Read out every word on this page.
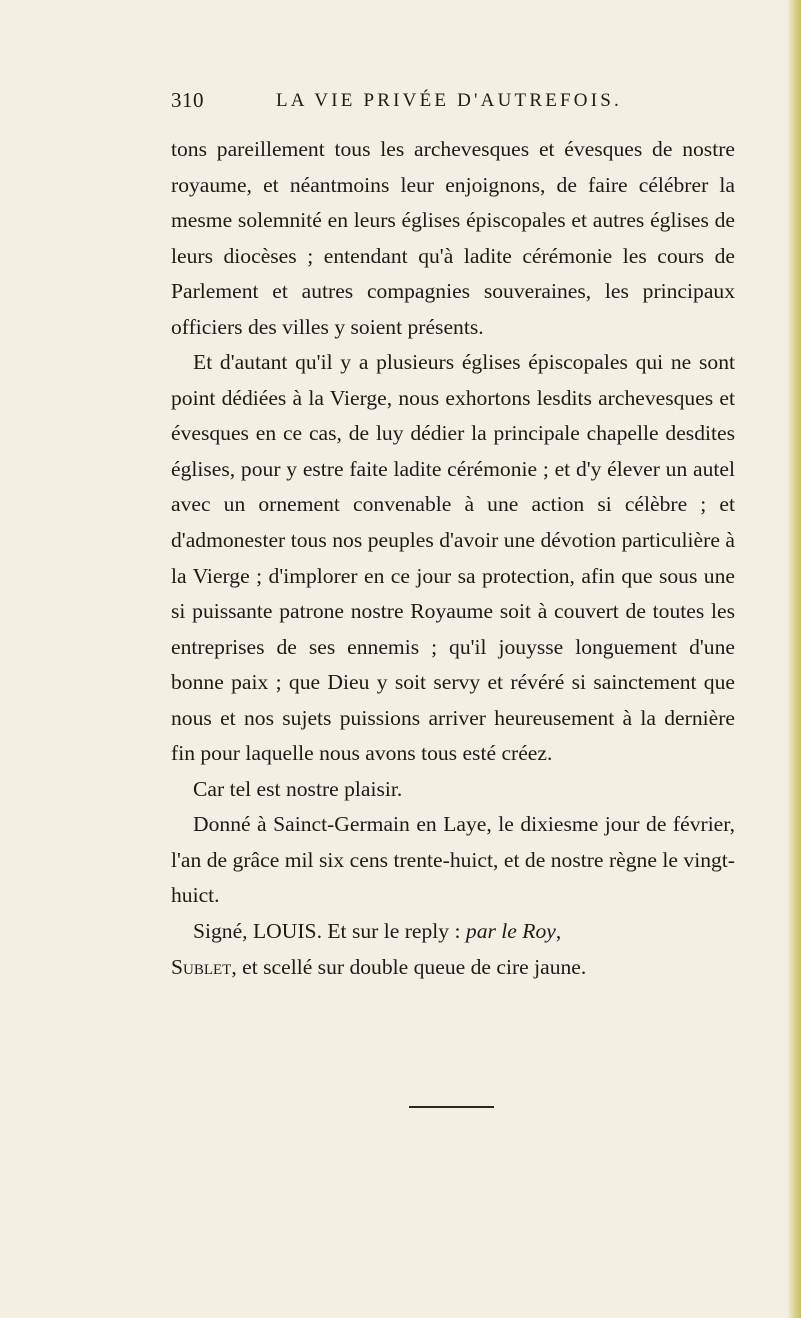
310	LA VIE PRIVÉE D'AUTREFOIS.

tons pareillement tous les archevesques et évesques de nostre royaume, et néantmoins leur enjoignons, de faire célébrer la mesme solemnité en leurs églises épiscopales et autres églises de leurs diocèses ; entendant qu'à ladite cérémonie les cours de Parlement et autres compagnies souveraines, les principaux officiers des villes y soient présents.

Et d'autant qu'il y a plusieurs églises épiscopales qui ne sont point dédiées à la Vierge, nous exhortons lesdits archevesques et évesques en ce cas, de luy dédier la principale chapelle desdites églises, pour y estre faite ladite cérémonie ; et d'y élever un autel avec un ornement convenable à une action si célèbre ; et d'admonester tous nos peuples d'avoir une dévotion particulière à la Vierge ; d'implorer en ce jour sa protection, afin que sous une si puissante patrone nostre Royaume soit à couvert de toutes les entreprises de ses ennemis ; qu'il jouysse longuement d'une bonne paix ; que Dieu y soit servy et révéré si sainctement que nous et nos sujets puissions arriver heureusement à la dernière fin pour laquelle nous avons tous esté créez.

Car tel est nostre plaisir.

Donné à Sainct-Germain en Laye, le dixiesme jour de février, l'an de grâce mil six cens trente-huict, et de nostre règne le vingt-huict.

Signé, LOUIS. Et sur le reply : par le Roy,
Sublet, et scellé sur double queue de cire jaune.
